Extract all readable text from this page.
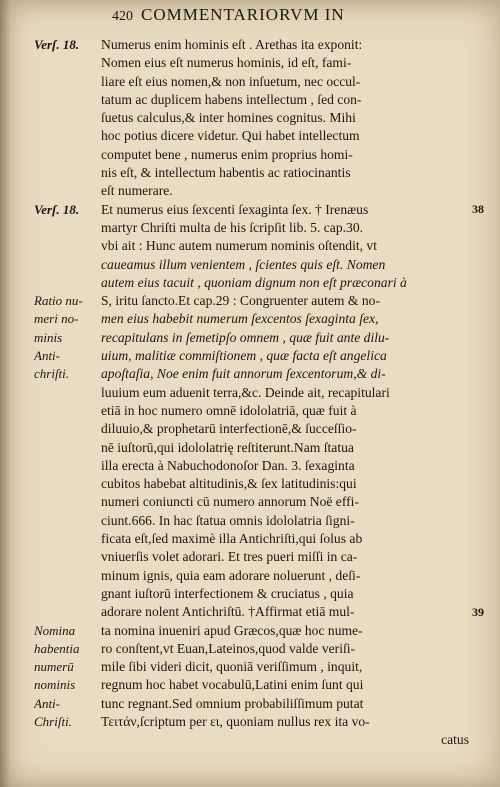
420 COMMENTARIORVM IN
Verſ. 18.
Verſ. 18.
Ratio nu-
meri no-
minis
Anti-
chriſti.
Nomina
habentia
numerū
nominis
Anti-
Chriſti.
38
39
Numerus enim hominis eſt . Arethas ita exponit:
Nomen eius eſt numerus hominis, id eſt, fami-
liare eſt eius nomen,& non inſuetum, nec occul-
tatum ac duplicem habens intellectum , ſed con-
ſuetus calculus,& inter homines cognitus. Mihi
hoc potius dicere videtur. Qui habet intellectum
computet bene , numerus enim proprius homi-
nis eſt, & intellectum habentis ac ratiocinantis
eſt numerare.
Et numerus eius ſexcenti ſexaginta ſex. † Irenæus
martyr Chriſti multa de his ſcripſit lib. 5. cap.30.
vbi ait : Hunc autem numerum nominis oſtendit, vt
caueamus illum venientem , ſcientes quis eſt. Nomen
autem eius tacuit , quoniam dignum non eſt præconari à
S, iritu ſancto.Et cap.29 : Congruenter autem & no-
men eius habebit numerum ſexcentos ſexaginta ſex,
recapitulans in ſemetipſo omnem , quæ fuit ante dilu-
uium, malitiæ commiſtionem , quæ facta eſt angelica
apoſtaſia, Noe enim fuit annorum ſexcentorum,& di-
luuium eum aduenit terra,&c. Deinde ait, recapitulari
etiā in hoc numero omnē idololatriā, quæ fuit à
diluuio,& prophetarū interfectionē,& ſucceſſio-
nē iuſtorū,qui idololatrię reſtiterunt.Nam ſtatua
illa erecta à Nabuchodonoſor Dan. 3. ſexaginta
cubitos habebat altitudinis,& ſex latitudinis:qui
numeri coniuncti cū numero annorum Noë effi-
ciunt.666. In hac ſtatua omnis idololatria ſigni-
ficata eſt,ſed maximè illa Antichriſti,qui ſolus ab
vniuerſis volet adorari. Et tres pueri miſſi in ca-
minum ignis, quia eam adorare noluerunt , deſi-
gnant iuſtorū interfectionem & cruciatus , quia
adorare nolent Antichriſtū. †Affirmat etiā mul-
ta nomina inueniri apud Græcos,quæ hoc nume-
ro conſtent,vt Euan,Lateinos,quod valde veriſi-
mile ſibi videri dicit, quoniā veriſſimum , inquit,
regnum hoc habet vocabulū,Latini enim ſunt qui
tunc regnant.Sed omnium probabiliſſimum putat
Τειτάν,ſcriptum per ει, quoniam nullus rex ita vo-
catus
